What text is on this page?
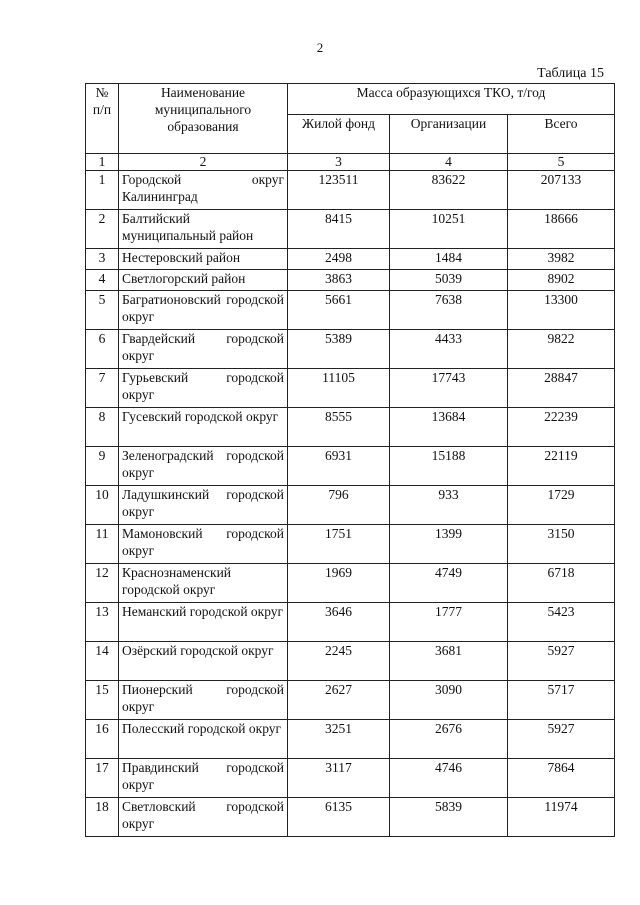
2
Таблица 15
№ п/п	Наименование муниципального образования	Масса образующихся ТКО, т/год		
		Жилой фонд	Организации	Всего
1	2	3	4	5
1	Городской округ Калининград	123511	83622	207133
2	Балтийский муниципальный район	8415	10251	18666
3	Нестеровский район	2498	1484	3982
4	Светлогорский район	3863	5039	8902
5	Багратионовский городской округ	5661	7638	13300
6	Гвардейский городской округ	5389	4433	9822
7	Гурьевский городской округ	11105	17743	28847
8	Гусевский городской округ	8555	13684	22239
9	Зеленоградский городской округ	6931	15188	22119
10	Ладушкинский городской округ	796	933	1729
11	Мамоновский городской округ	1751	1399	3150
12	Краснознаменский городской округ	1969	4749	6718
13	Неманский городской округ	3646	1777	5423
14	Озёрский городской округ	2245	3681	5927
15	Пионерский городской округ	2627	3090	5717
16	Полесский городской округ	3251	2676	5927
17	Правдинский городской округ	3117	4746	7864
18	Светловский городской округ	6135	5839	11974
